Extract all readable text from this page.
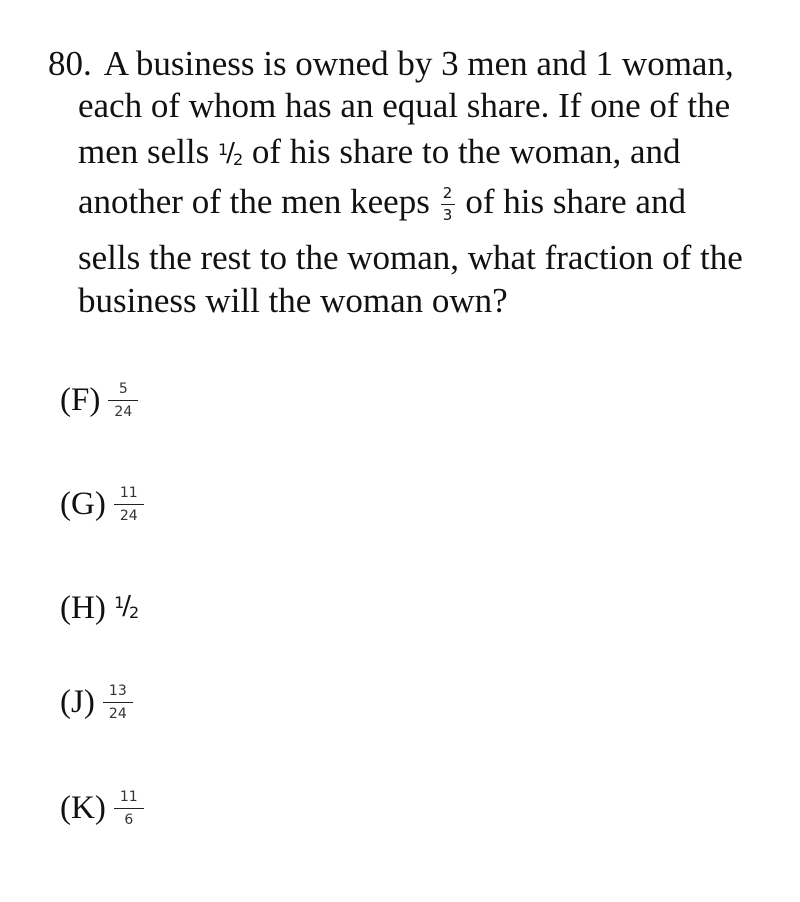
80. A business is owned by 3 men and 1 woman,
each of whom has an equal share. If one of the
men sells $^1/_2$ of his share to the woman, and
another of the men keeps $\frac{2}{3}$ of his share and
sells the rest to the woman, what fraction of the
business will the woman own?
$(F) \frac{5}{24}$
$(G) \frac{11}{24}$
(H) $^1/_2$
$(J) \frac{13}{24}$
$(K) \frac{11}{6}$
